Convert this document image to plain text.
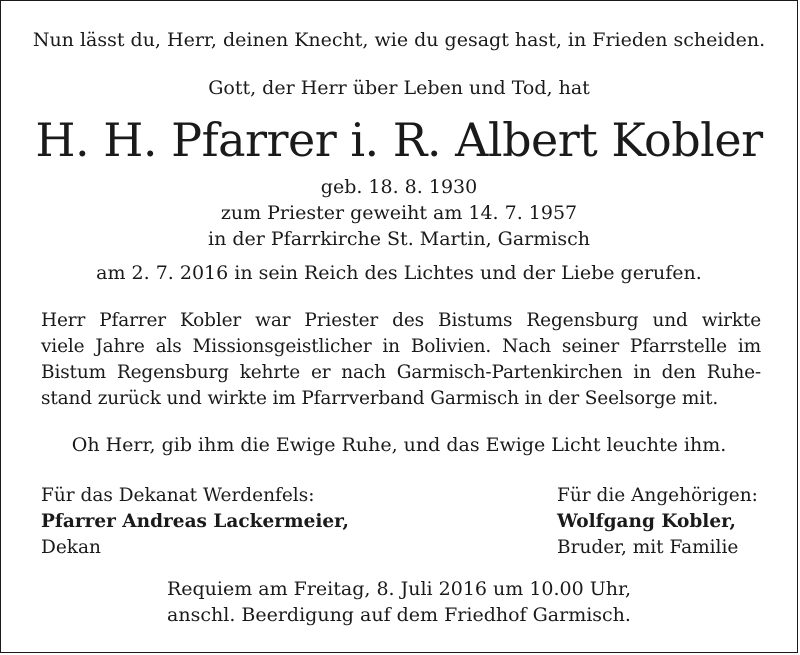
Nun lässt du, Herr, deinen Knecht, wie du gesagt hast, in Frieden scheiden.
Gott, der Herr über Leben und Tod, hat
H. H. Pfarrer i. R. Albert Kobler
geb. 18. 8. 1930
zum Priester geweiht am 14. 7. 1957
in der Pfarrkirche St. Martin, Garmisch
am 2. 7. 2016 in sein Reich des Lichtes und der Liebe gerufen.
Herr Pfarrer Kobler war Priester des Bistums Regensburg und wirkte
viele Jahre als Missionsgeistlicher in Bolivien. Nach seiner Pfarrstelle im
Bistum Regensburg kehrte er nach Garmisch-Partenkirchen in den Ruhe-
stand zurück und wirkte im Pfarrverband Garmisch in der Seelsorge mit.
Oh Herr, gib ihm die Ewige Ruhe, und das Ewige Licht leuchte ihm.
Für das Dekanat Werdenfels:
Pfarrer Andreas Lackermeier,
Dekan
Für die Angehörigen:
Wolfgang Kobler,
Bruder, mit Familie
Requiem am Freitag, 8. Juli 2016 um 10.00 Uhr,
anschl. Beerdigung auf dem Friedhof Garmisch.
